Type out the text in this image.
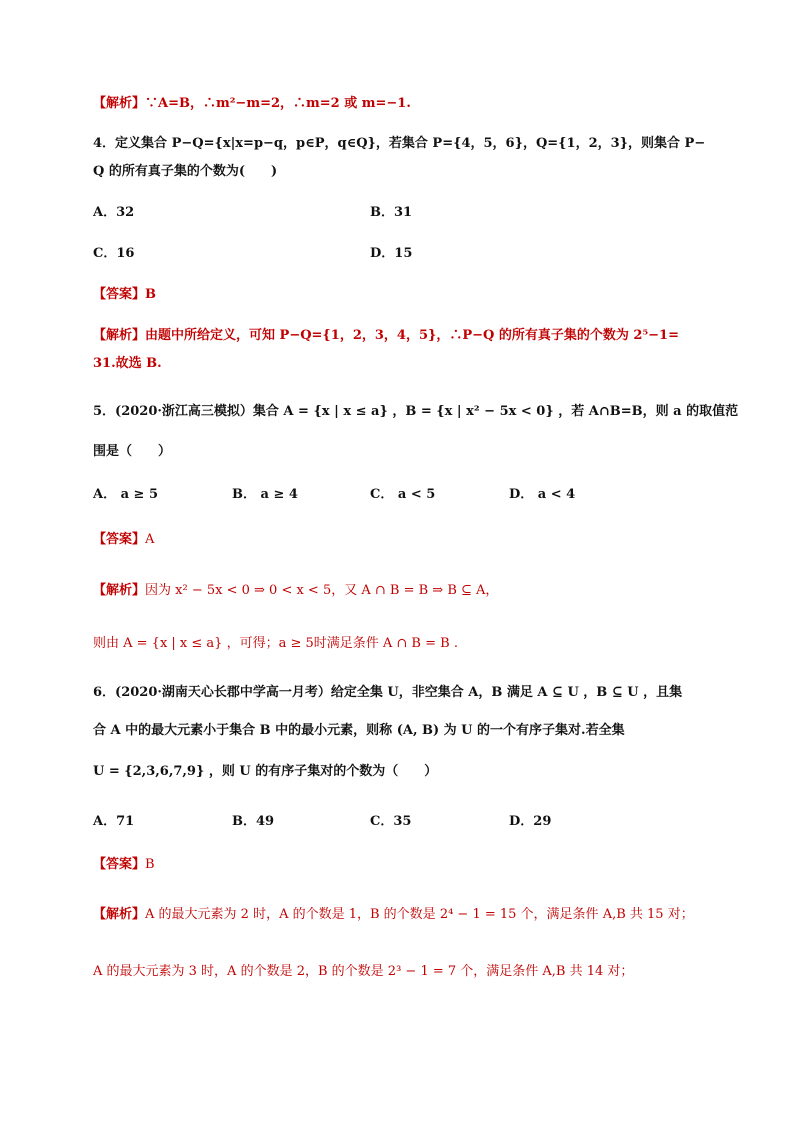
【解析】∵A=B，∴m²−m=2，∴m=2 或 m=−1.
4．定义集合 P−Q={x|x=p−q，p∈P，q∈Q}，若集合 P={4，5，6}，Q={1，2，3}，则集合 P−
Q 的所有真子集的个数为(　　)
A．32	B．31
C．16	D．15
【答案】B
【解析】由题中所给定义，可知 P−Q={1，2，3，4，5}，∴P−Q 的所有真子集的个数为 2⁵−1=
31.故选 B.
5．(2020·浙江高三模拟）集合 A = {x | x ≤ a} ，B = {x | x² − 5x < 0} ，若 A∩B=B，则 a 的取值范
围是（　　）
A． a ≥ 5	B． a ≥ 4	C． a < 5	D． a < 4
【答案】A
【解析】因为 x² − 5x < 0 ⇒ 0 < x < 5，又 A ∩ B = B ⇒ B ⊆ A，
则由 A = {x | x ≤ a} ，可得；a ≥ 5时满足条件 A ∩ B = B .
6．(2020·湖南天心长郡中学高一月考）给定全集 U，非空集合 A，B 满足 A ⊆ U ，B ⊆ U ，且集
合 A 中的最大元素小于集合 B 中的最小元素，则称 (A, B) 为 U 的一个有序子集对.若全集
U = {2,3,6,7,9} ，则 U 的有序子集对的个数为（　　）
A．71	B．49	C．35	D．29
【答案】B
【解析】A 的最大元素为 2 时，A 的个数是 1，B 的个数是 2⁴ − 1 = 15 个，满足条件 A,B 共 15 对；
A 的最大元素为 3 时，A 的个数是 2，B 的个数是 2³ − 1 = 7 个，满足条件 A,B 共 14 对；
